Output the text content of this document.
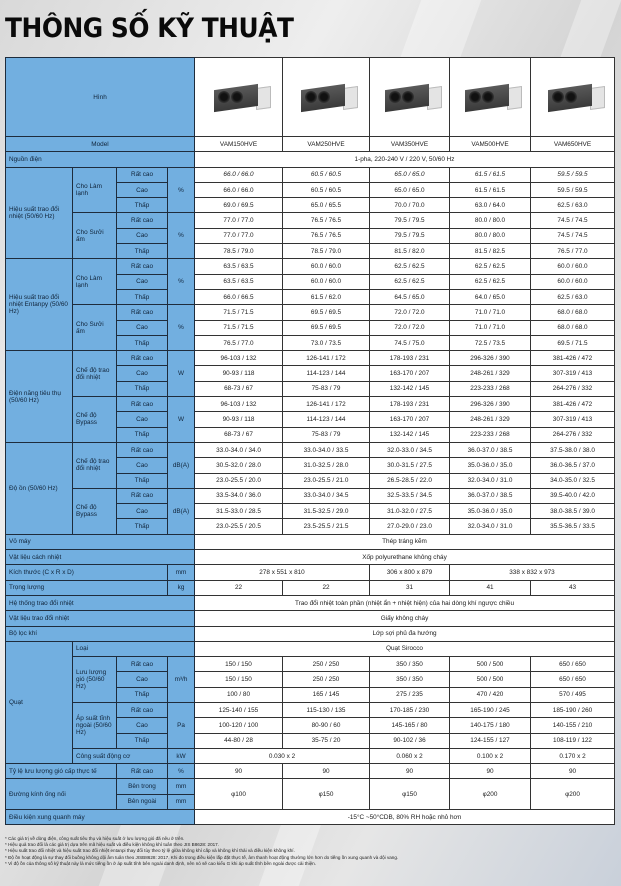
THÔNG SỐ KỸ THUẬT
Hình				

Model				VAM150HVE	VAM250HVE	VAM350HVE	VAM500HVE	VAM650HVE
Nguồn điện				1-pha, 220-240 V / 220 V, 50/60 Hz				
Hiệu suất trao đổi nhiệt (50/60 Hz)	Cho Làm lạnh	Rất cao	%	66.0 / 66.0	60.5 / 60.5	65.0 / 65.0	61.5 / 61.5	59.5 / 59.5
		Cao		66.0 / 66.0	60.5 / 60.5	65.0 / 65.0	61.5 / 61.5	59.5 / 59.5
		Thấp		69.0 / 69.5	65.0 / 65.5	70.0 / 70.0	63.0 / 64.0	62.5 / 63.0
	Cho Sưởi ấm	Rất cao	%	77.0 / 77.0	76.5 / 76.5	79.5 / 79.5	80.0 / 80.0	74.5 / 74.5
		Cao		77.0 / 77.0	76.5 / 76.5	79.5 / 79.5	80.0 / 80.0	74.5 / 74.5
		Thấp		78.5 / 79.0	78.5 / 79.0	81.5 / 82.0	81.5 / 82.5	76.5 / 77.0
Hiệu suất trao đổi nhiệt Entanpy (50/60 Hz)	Cho Làm lạnh	Rất cao	%	63.5 / 63.5	60.0 / 60.0	62.5 / 62.5	62.5 / 62.5	60.0 / 60.0
		Cao		63.5 / 63.5	60.0 / 60.0	62.5 / 62.5	62.5 / 62.5	60.0 / 60.0
		Thấp		66.0 / 66.5	61.5 / 62.0	64.5 / 65.0	64.0 / 65.0	62.5 / 63.0
	Cho Sưởi ấm	Rất cao	%	71.5 / 71.5	69.5 / 69.5	72.0 / 72.0	71.0 / 71.0	68.0 / 68.0
		Cao		71.5 / 71.5	69.5 / 69.5	72.0 / 72.0	71.0 / 71.0	68.0 / 68.0
		Thấp		76.5 / 77.0	73.0 / 73.5	74.5 / 75.0	72.5 / 73.5	69.5 / 71.5
Điện năng tiêu thụ (50/60 Hz)	Chế độ trao đổi nhiệt	Rất cao	W	96-103 / 132	126-141 / 172	178-193 / 231	296-326 / 390	381-426 / 472
		Cao		90-93 / 118	114-123 / 144	163-170 / 207	248-261 / 329	307-319 / 413
		Thấp		68-73 / 67	75-83 / 79	132-142 / 145	223-233 / 268	264-276 / 332
	Chế độ Bypass	Rất cao	W	96-103 / 132	126-141 / 172	178-193 / 231	296-326 / 390	381-426 / 472
		Cao		90-93 / 118	114-123 / 144	163-170 / 207	248-261 / 329	307-319 / 413
		Thấp		68-73 / 67	75-83 / 79	132-142 / 145	223-233 / 268	264-276 / 332
Độ ồn (50/60 Hz)	Chế độ trao đổi nhiệt	Rất cao	dB(A)	33.0-34.0 / 34.0	33.0-34.0 / 33.5	32.0-33.0 / 34.5	36.0-37.0 / 38.5	37.5-38.0 / 38.0
		Cao		30.5-32.0 / 28.0	31.0-32.5 / 28.0	30.0-31.5 / 27.5	35.0-36.0 / 35.0	36.0-36.5 / 37.0
		Thấp		23.0-25.5 / 20.0	23.0-25.5 / 21.0	26.5-28.5 / 22.0	32.0-34.0 / 31.0	34.0-35.0 / 32.5
	Chế độ Bypass	Rất cao	dB(A)	33.5-34.0 / 36.0	33.0-34.0 / 34.5	32.5-33.5 / 34.5	36.0-37.0 / 38.5	39.5-40.0 / 42.0
		Cao		31.5-33.0 / 28.5	31.5-32.5 / 29.0	31.0-32.0 / 27.5	35.0-36.0 / 35.0	38.0-38.5 / 39.0
		Thấp		23.0-25.5 / 20.5	23.5-25.5 / 21.5	27.0-29.0 / 23.0	32.0-34.0 / 31.0	35.5-36.5 / 33.5
Vỏ máy				Thép tráng kẽm				
Vật liệu cách nhiệt				Xốp polyurethane không cháy				
Kích thước (C x R x D)			mm	278 x 551 x 810		306 x 800 x 879	338 x 832 x 973	
Trọng lượng			kg	22	22	31	41	43
Hệ thống trao đổi nhiệt				Trao đổi nhiệt toàn phần (nhiệt ẩn + nhiệt hiện) của hai dòng khí ngược chiều				
Vật liệu trao đổi nhiệt				Giấy không cháy				
Bộ lọc khí				Lớp sợi phủ đa hướng				
Quạt	Loại			Quạt Sirocco				
	Lưu lượng gió (50/60 Hz)	Rất cao	m³/h	150 / 150	250 / 250	350 / 350	500 / 500	650 / 650
		Cao		150 / 150	250 / 250	350 / 350	500 / 500	650 / 650
		Thấp		100 / 80	165 / 145	275 / 235	470 / 420	570 / 495
	Áp suất tĩnh ngoài (50/60 Hz)	Rất cao	Pa	125-140 / 155	115-130 / 135	170-185 / 230	165-190 / 245	185-190 / 260
		Cao		100-120 / 100	80-90 / 60	145-165 / 80	140-175 / 180	140-155 / 210
		Thấp		44-80 / 28	35-75 / 20	90-102 / 36	124-155 / 127	108-119 / 122
	Công suất động cơ		kW	0.030 x 2		0.060 x 2	0.100 x 2	0.170 x 2
Tỷ lệ lưu lượng gió cấp thực tế		Rất cao	%	90	90	90	90	90
Đường kính ống nối		Bên trong	mm	φ100	φ150	φ150	φ200	φ200
		Bên ngoài	mm					
Điều kiện xung quanh máy				-15°C ~50°CDB, 80% RH hoặc nhỏ hơn				
* Các giá trị về dòng điện, công suất tiêu thụ và hiệu suất ở lưu lượng gió đã nêu ở trên.
* Hiệu quả trao đổi là các giá trị dựa trên mã hiệu suất và điều kiện không khí tuân theo JIS B8628: 2017.
* Hiệu suất trao đổi nhiệt và hiệu suất trao đổi nhiệt entanpi thay đổi tùy theo tỷ lệ giữa không khí cấp và không khí thải và điều kiện không khí.
* Độ ồn hoạt động là sự thay đổi buồng không dội âm tuân theo JISB8628: 2017. Khi đo trong điều kiện lắp đặt thực tế, âm thanh hoạt động thường lớn hơn do tiếng ồn xung quanh và dội vang.
* Vì độ ồn của thông số kỹ thuật này là mức tiếng ồn ở áp suất tĩnh bên ngoài danh định, nên nó sẽ cao kiểu G khi áp suất tĩnh bên ngoài được cải thiện.
